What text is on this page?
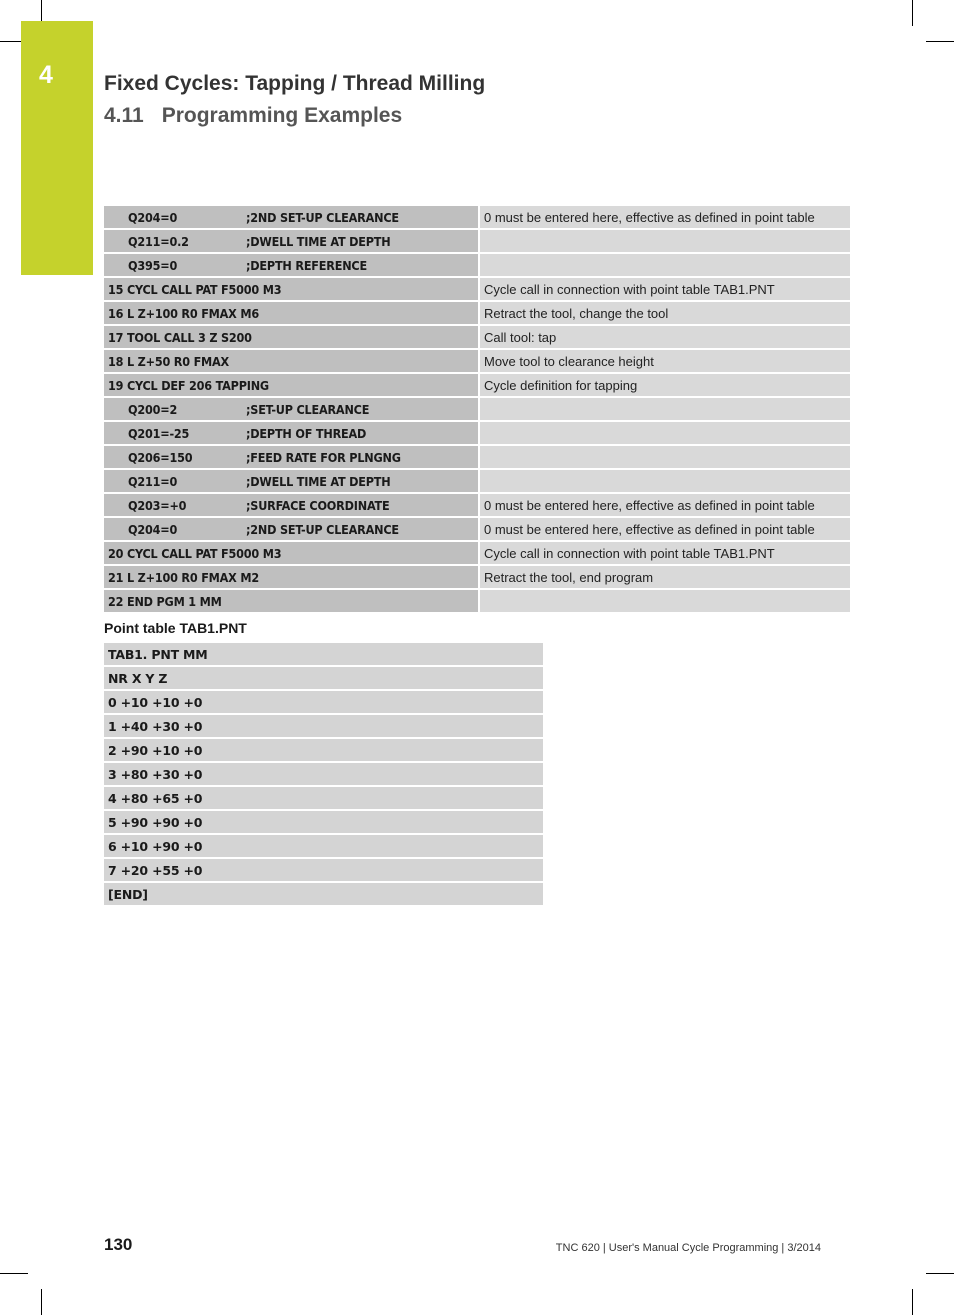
4	Fixed Cycles: Tapping / Thread Milling
4.11 Programming Examples
Q204=0 ;2ND SET-UP CLEARANCE	0 must be entered here, effective as defined in point table
Q211=0.2 ;DWELL TIME AT DEPTH	
Q395=0 ;DEPTH REFERENCE	
15 CYCL CALL PAT F5000 M3	Cycle call in connection with point table TAB1.PNT
16 L Z+100 R0 FMAX M6	Retract the tool, change the tool
17 TOOL CALL 3 Z S200	Call tool: tap
18 L Z+50 R0 FMAX	Move tool to clearance height
19 CYCL DEF 206 TAPPING	Cycle definition for tapping
Q200=2 ;SET-UP CLEARANCE	
Q201=-25 ;DEPTH OF THREAD	
Q206=150 ;FEED RATE FOR PLNGNG	
Q211=0 ;DWELL TIME AT DEPTH	
Q203=+0 ;SURFACE COORDINATE	0 must be entered here, effective as defined in point table
Q204=0 ;2ND SET-UP CLEARANCE	0 must be entered here, effective as defined in point table
20 CYCL CALL PAT F5000 M3	Cycle call in connection with point table TAB1.PNT
21 L Z+100 R0 FMAX M2	Retract the tool, end program
22 END PGM 1 MM	
Point table TAB1.PNT
TAB1. PNT MM
NR X Y Z
0 +10 +10 +0
1 +40 +30 +0
2 +90 +10 +0
3 +80 +30 +0
4 +80 +65 +0
5 +90 +90 +0
6 +10 +90 +0
7 +20 +55 +0
[END]
130	TNC 620 | User's Manual Cycle Programming | 3/2014
